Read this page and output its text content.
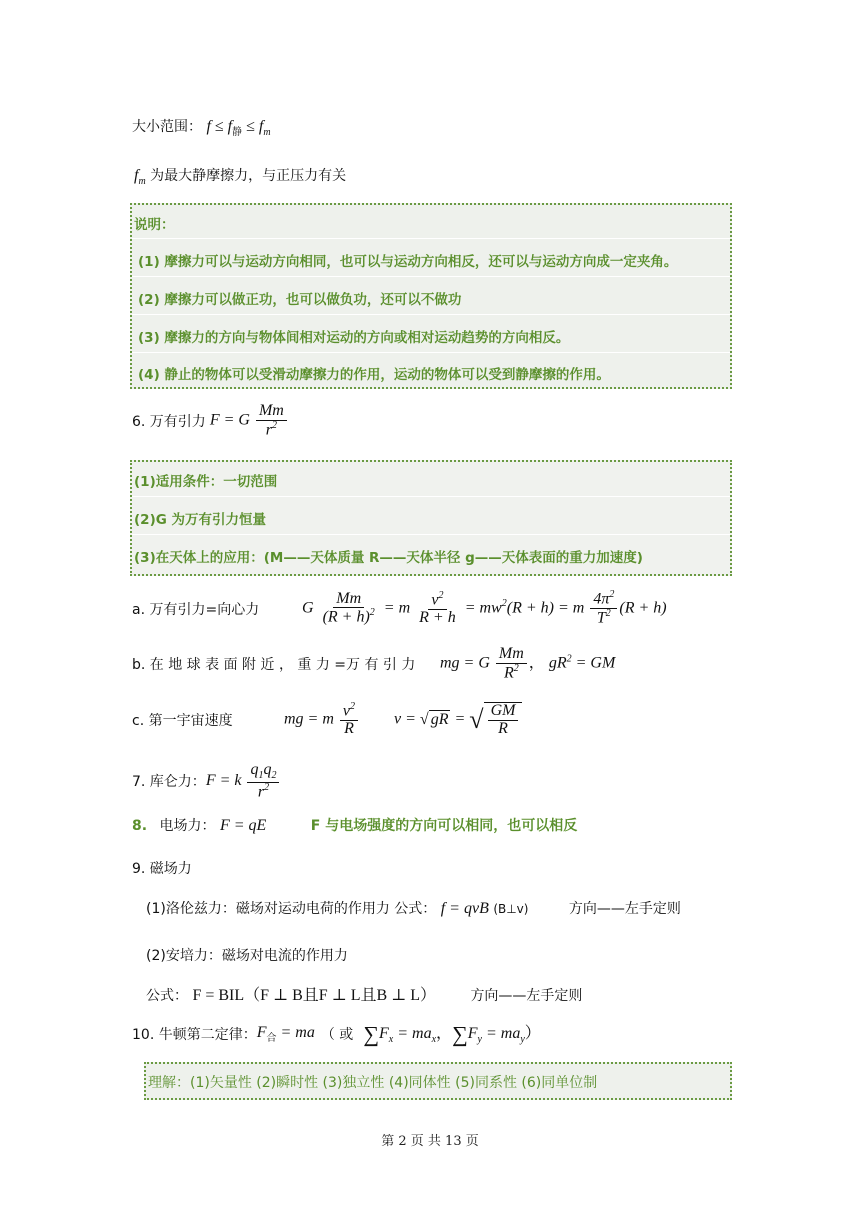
大小范围： $f \le f_静 \le f_m$
$f_m$ 为最大静摩擦力，与正压力有关
说明：
(1) 摩擦力可以与运动方向相同，也可以与运动方向相反，还可以与运动方向成一定夹角。
(2) 摩擦力可以做正功，也可以做负功，还可以不做功
(3) 摩擦力的方向与物体间相对运动的方向或相对运动趋势的方向相反。
(4) 静止的物体可以受滑动摩擦力的作用，运动的物体可以受到静摩擦的作用。
6. 万有引力 F = G $\frac{Mm}{r^2}$
(1)适用条件：一切范围
(2)G 为万有引力恒量
(3)在天体上的应用：(M——天体质量 R——天体半径 g——天体表面的重力加速度)
a. 万有引力=向心力	G $\frac{Mm}{(R + h)^2} = m \frac{v^2}{R + h} = mw^2(R + h) = m \frac{4\pi^2}{T^2} (R + h)$
b. 在 地 球 表 面 附 近 ， 重 力 =万 有 引 力	mg = G $\frac{Mm}{R^2}$ ， $gR^2$ = GM
c. 第一宇宙速度	mg = m $\frac{v^2}{R}$ v = √ gR = √ $\frac{GM}{R}$
7. 库仑力： F = k $\frac{q_1q_2}{r^2}$
8. 电场力： F = qE	F 与电场强度的方向可以相同，也可以相反
9. 磁场力
(1)洛伦兹力：磁场对运动电荷的作用力 公式： f = qvB (B⊥v)	方向——左手定则
(2)安培力：磁场对电流的作用力
公式： F = BIL（F ⊥ B且F ⊥ L且B ⊥ L） 方向——左手定则
10. 牛顿第二定律： $F_合$ = ma （ 或 $\sum F_x = ma_x$，$\sum F_y = ma_y$）
理解：(1)矢量性 (2)瞬时性 (3)独立性 (4)同体性 (5)同系性 (6)同单位制
第 2 页 共 13 页
